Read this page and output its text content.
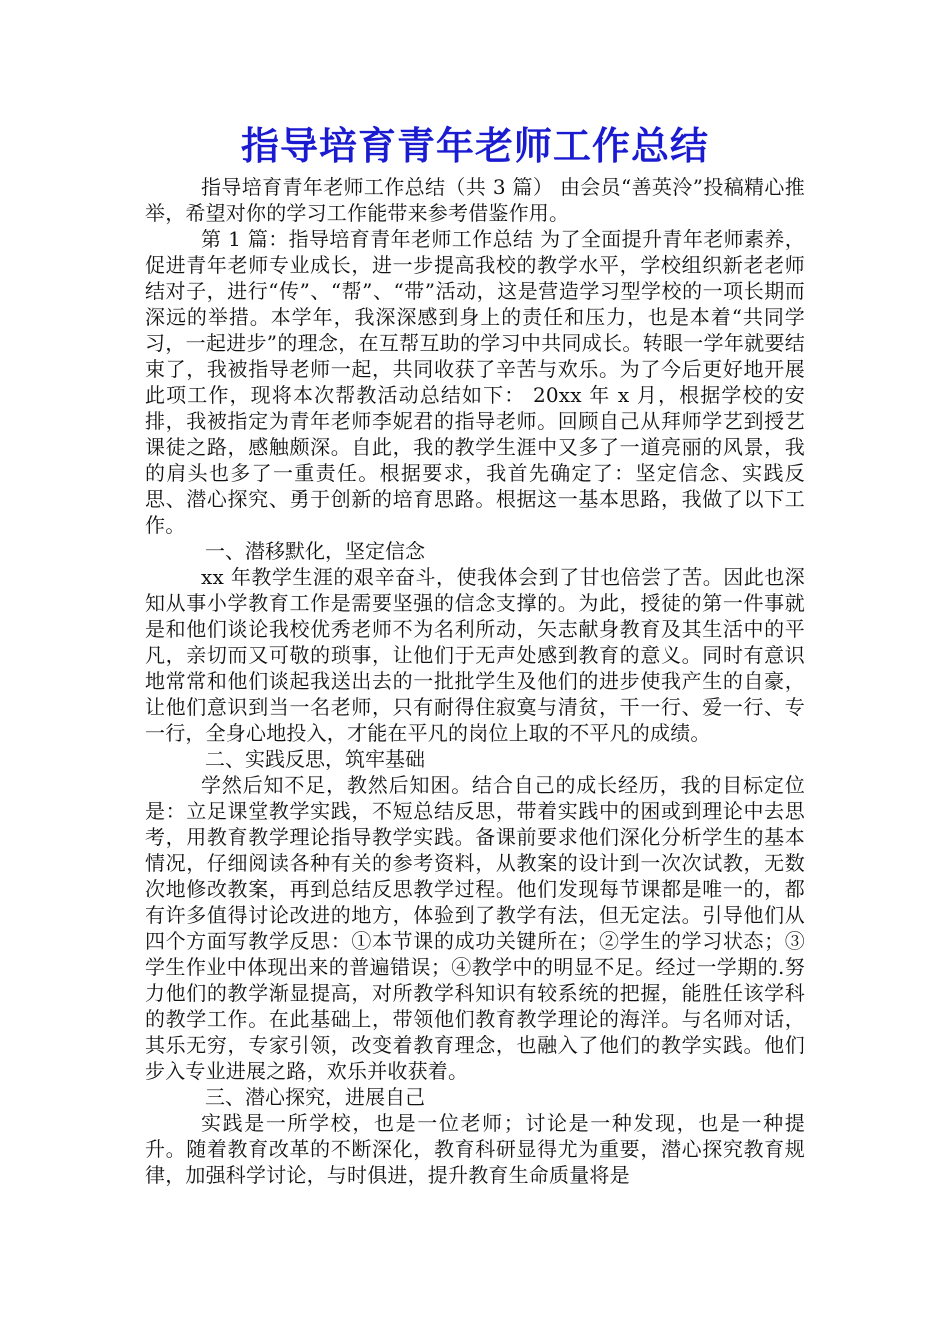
指导培育青年老师工作总结

指导培育青年老师工作总结（共 3 篇） 由会员“善英泠”投稿精心推举，希望对你的学习工作能带来参考借鉴作用。

第 1 篇：指导培育青年老师工作总结 为了全面提升青年老师素养，促进青年老师专业成长，进一步提高我校的教学水平，学校组织新老老师结对子，进行“传”、“帮”、“带”活动，这是营造学习型学校的一项长期而深远的举措。本学年，我深深感到身上的责任和压力，也是本着“共同学习，一起进步”的理念，在互帮互助的学习中共同成长。转眼一学年就要结束了，我被指导老师一起，共同收获了辛苦与欢乐。为了今后更好地开展此项工作，现将本次帮教活动总结如下： 20xx 年 x 月，根据学校的安排，我被指定为青年老师李妮君的指导老师。回顾自己从拜师学艺到授艺课徒之路，感触颇深。自此，我的教学生涯中又多了一道亮丽的风景，我的肩头也多了一重责任。根据要求，我首先确定了：坚定信念、实践反思、潜心探究、勇于创新的培育思路。根据这一基本思路，我做了以下工作。

一、潜移默化，坚定信念

xx 年教学生涯的艰辛奋斗，使我体会到了甘也倍尝了苦。因此也深知从事小学教育工作是需要坚强的信念支撑的。为此，授徒的第一件事就是和他们谈论我校优秀老师不为名利所动，矢志献身教育及其生活中的平凡，亲切而又可敬的琐事，让他们于无声处感到教育的意义。同时有意识地常常和他们谈起我送出去的一批批学生及他们的进步使我产生的自豪，让他们意识到当一名老师，只有耐得住寂寞与清贫，干一行、爱一行、专一行，全身心地投入，才能在平凡的岗位上取的不平凡的成绩。

二、实践反思，筑牢基础

学然后知不足，教然后知困。结合自己的成长经历，我的目标定位是：立足课堂教学实践，不短总结反思，带着实践中的困或到理论中去思考，用教育教学理论指导教学实践。备课前要求他们深化分析学生的基本情况，仔细阅读各种有关的参考资料，从教案的设计到一次次试教，无数次地修改教案，再到总结反思教学过程。他们发现每节课都是唯一的，都有许多值得讨论改进的地方，体验到了教学有法，但无定法。引导他们从四个方面写教学反思：①本节课的成功关键所在；②学生的学习状态；③学生作业中体现出来的普遍错误；④教学中的明显不足。经过一学期的.努力他们的教学渐显提高，对所教学科知识有较系统的把握，能胜任该学科的教学工作。在此基础上，带领他们教育教学理论的海洋。与名师对话，其乐无穷，专家引领，改变着教育理念，也融入了他们的教学实践。他们步入专业进展之路，欢乐并收获着。

三、潜心探究，进展自己

实践是一所学校，也是一位老师；讨论是一种发现，也是一种提升。随着教育改革的不断深化，教育科研显得尤为重要，潜心探究教育规律，加强科学讨论，与时俱进，提升教育生命质量将是
